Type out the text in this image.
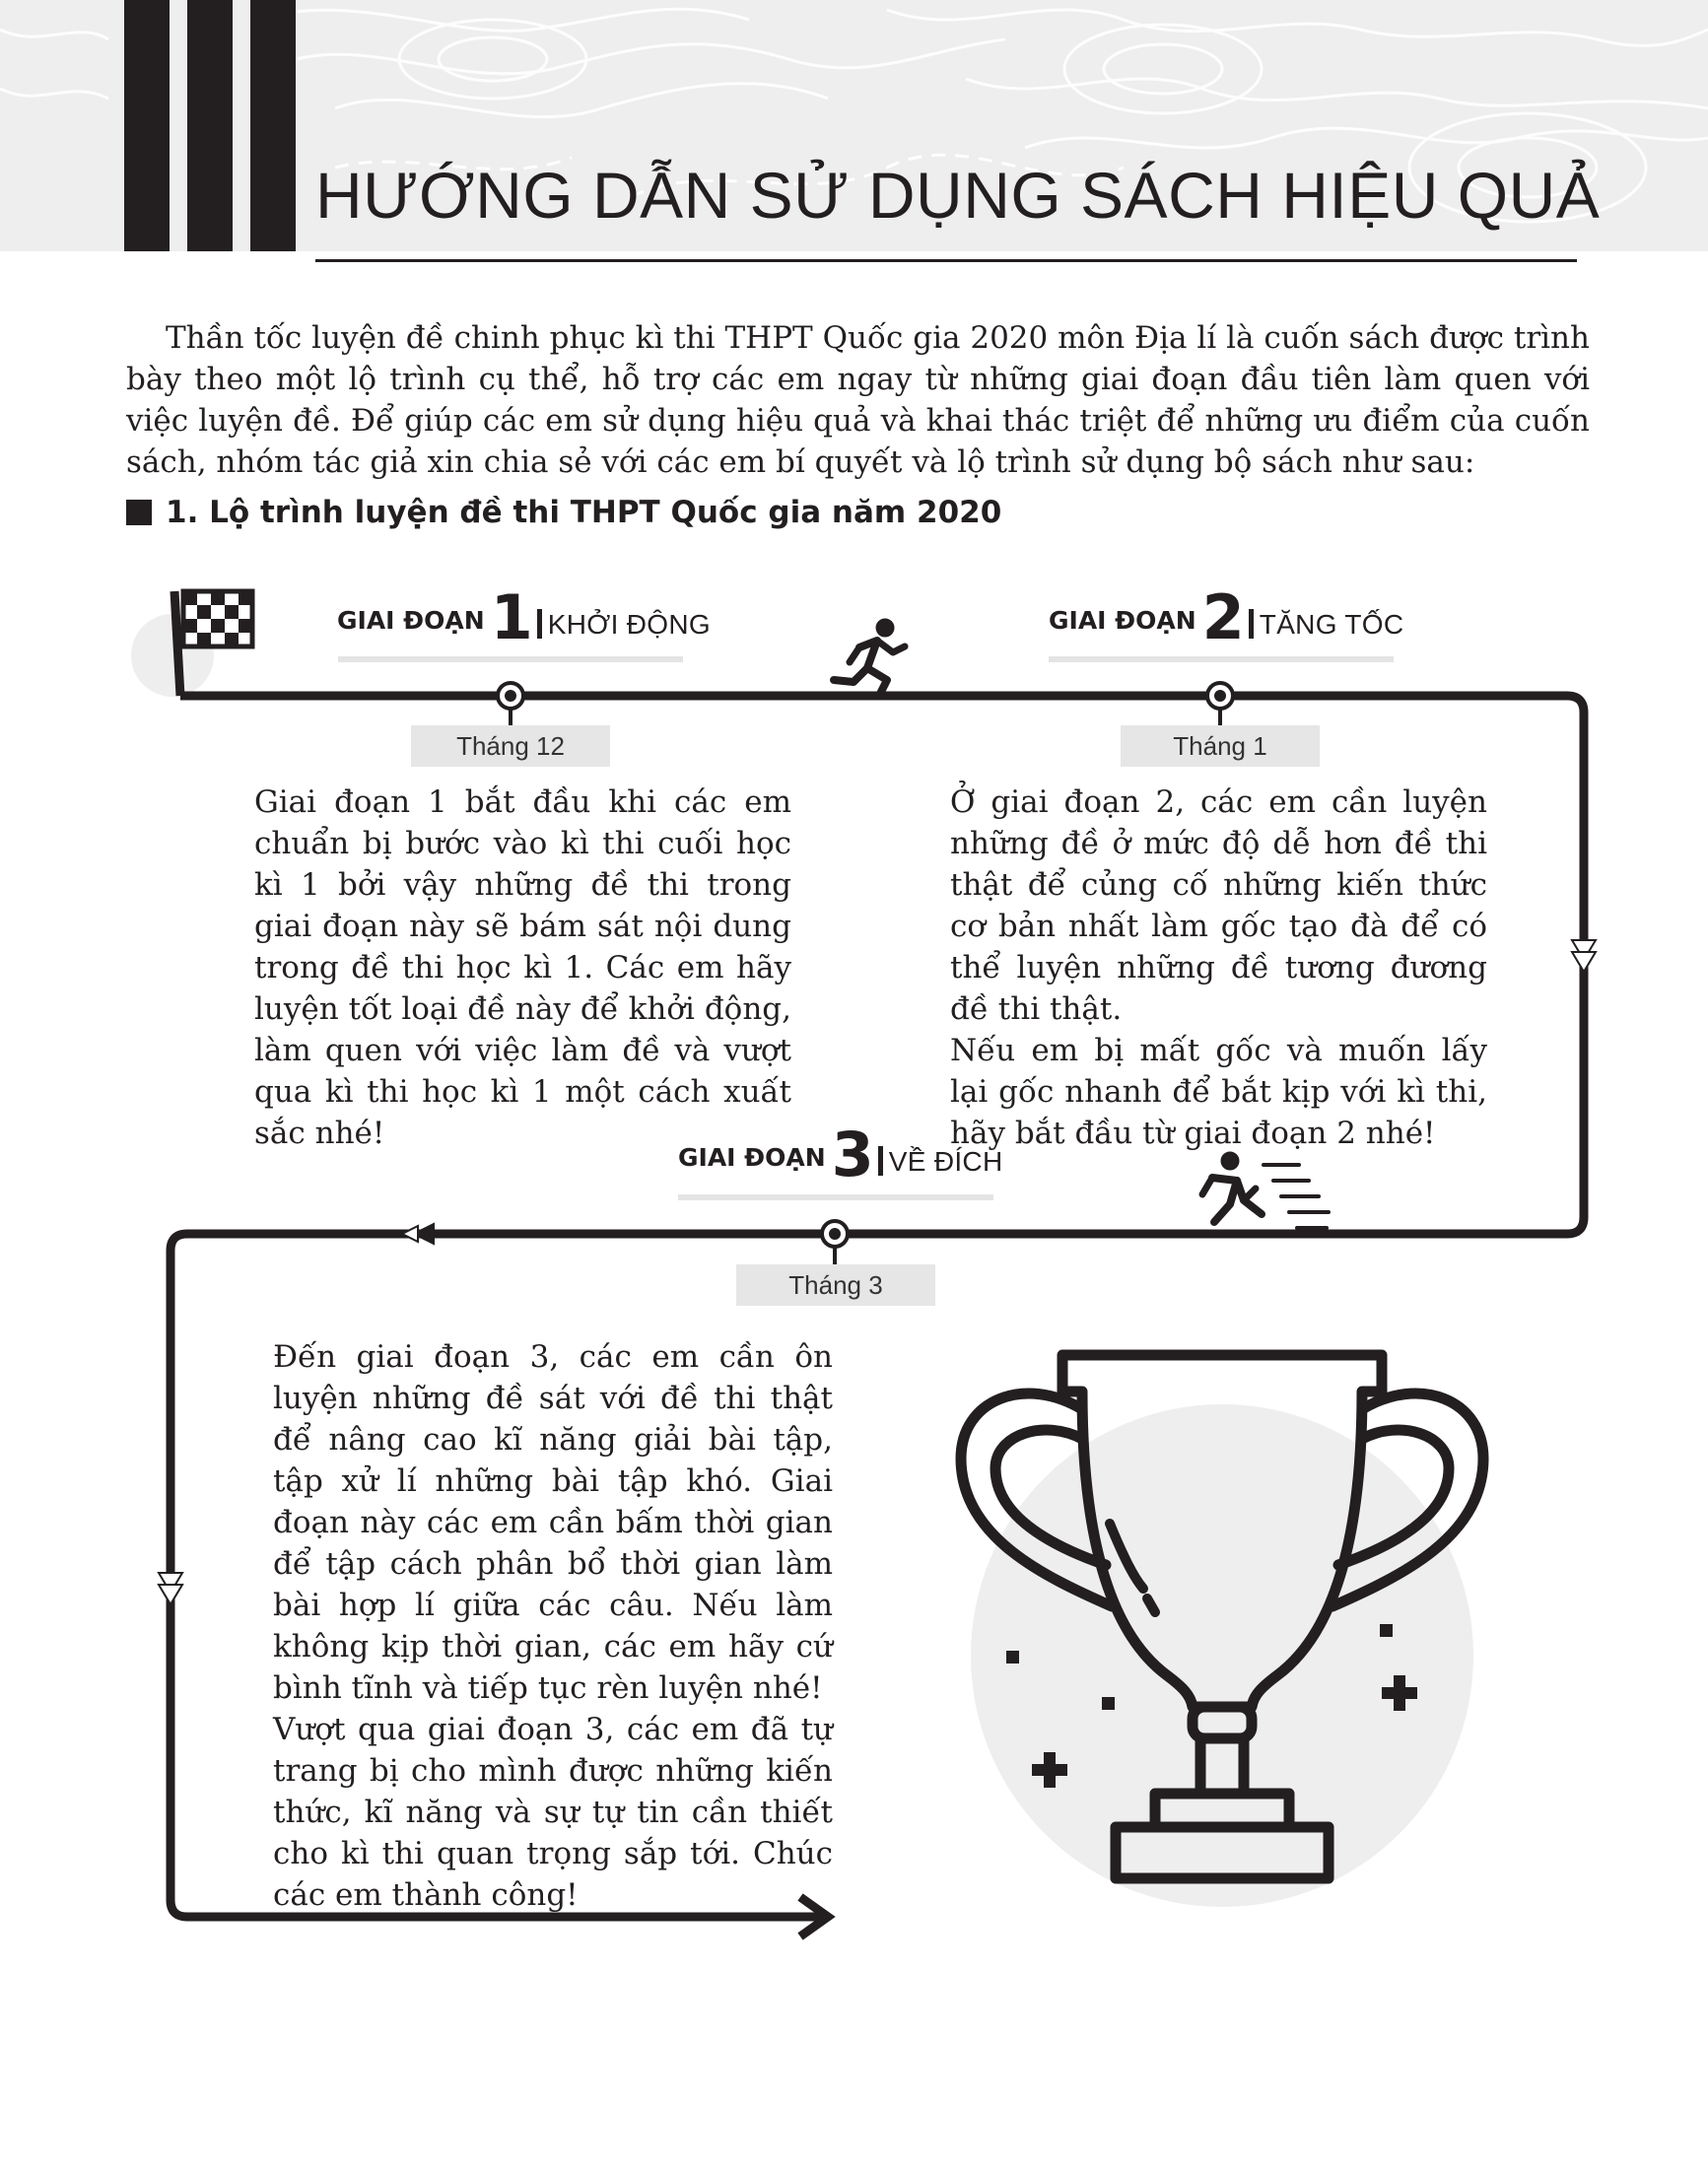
HƯỚNG DẪN SỬ DỤNG SÁCH HIỆU QUẢ
Thần tốc luyện đề chinh phục kì thi THPT Quốc gia 2020 môn Địa lí là cuốn sách được trình bày theo một lộ trình cụ thể, hỗ trợ các em ngay từ những giai đoạn đầu tiên làm quen với việc luyện đề. Để giúp các em sử dụng hiệu quả và khai thác triệt để những ưu điểm của cuốn sách, nhóm tác giả xin chia sẻ với các em bí quyết và lộ trình sử dụng bộ sách như sau:
1. Lộ trình luyện đề thi THPT Quốc gia năm 2020
GIAI ĐOẠN 1 KHỞI ĐỘNG
Tháng 12

Giai đoạn 1 bắt đầu khi các em chuẩn bị bước vào kì thi cuối học kì 1 bởi vậy những đề thi trong giai đoạn này sẽ bám sát nội dung trong đề thi học kì 1. Các em hãy luyện tốt loại đề này để khởi động, làm quen với việc làm đề và vượt qua kì thi học kì 1 một cách xuất sắc nhé!

GIAI ĐOẠN 2 TĂNG TỐC
Tháng 1

Ở giai đoạn 2, các em cần luyện những đề ở mức độ dễ hơn đề thi thật để củng cố những kiến thức cơ bản nhất làm gốc tạo đà để có thể luyện những đề tương đương đề thi thật.

Nếu em bị mất gốc và muốn lấy lại gốc nhanh để bắt kịp với kì thi, hãy bắt đầu từ giai đoạn 2 nhé!

GIAI ĐOẠN 3 VỀ ĐÍCH
Tháng 3

Đến giai đoạn 3, các em cần ôn luyện những đề sát với đề thi thật để nâng cao kĩ năng giải bài tập, tập xử lí những bài tập khó. Giai đoạn này các em cần bấm thời gian để tập cách phân bổ thời gian làm bài hợp lí giữa các câu. Nếu làm không kịp thời gian, các em hãy cứ bình tĩnh và tiếp tục rèn luyện nhé!

Vượt qua giai đoạn 3, các em đã tự trang bị cho mình được những kiến thức, kĩ năng và sự tự tin cần thiết cho kì thi quan trọng sắp tới. Chúc các em thành công!
